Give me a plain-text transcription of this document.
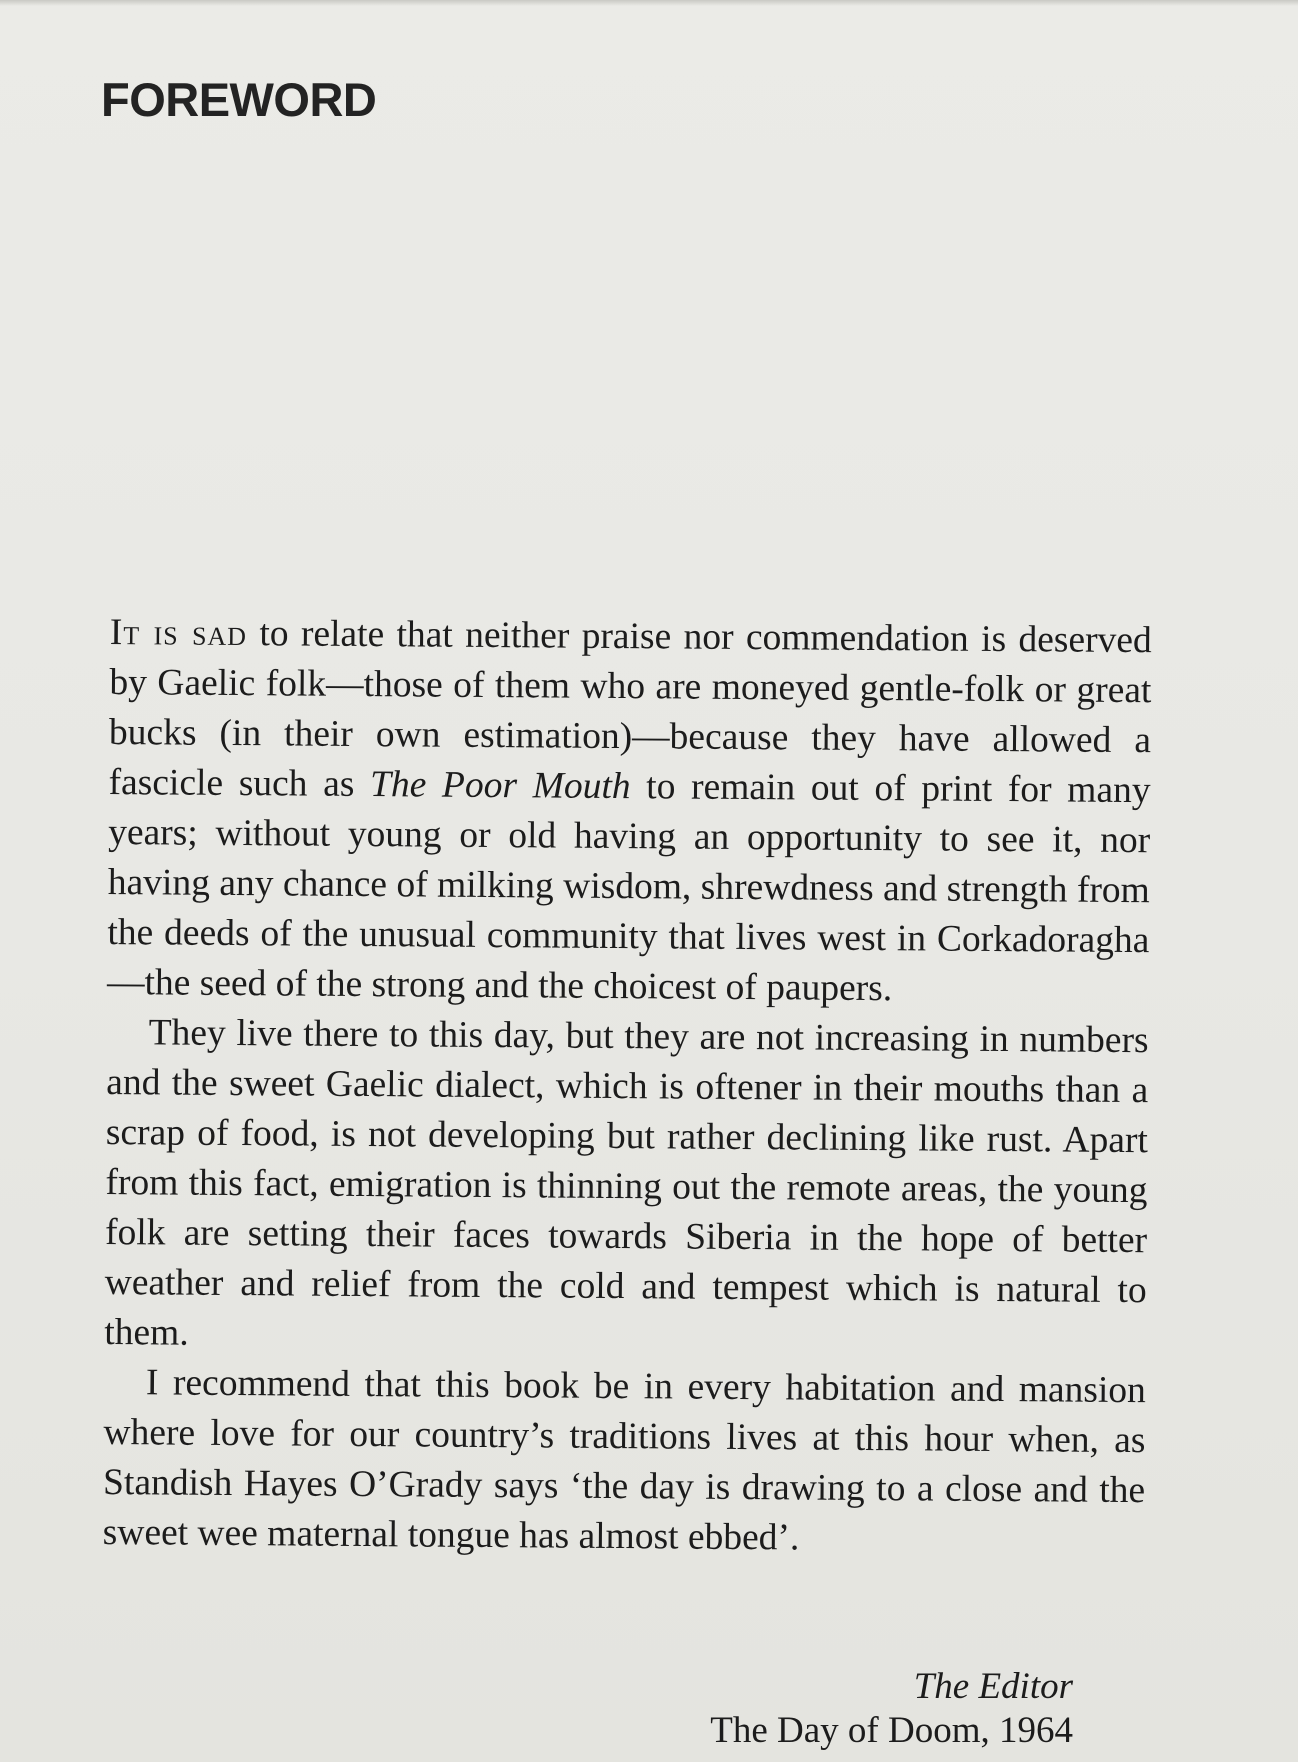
FOREWORD

It is sad to relate that neither praise nor commendation is deserved by Gaelic folk—those of them who are moneyed gentle-folk or great bucks (in their own estimation)—because they have allowed a fascicle such as The Poor Mouth to remain out of print for many years; without young or old having an opportunity to see it, nor having any chance of milking wisdom, shrewdness and strength from the deeds of the unusual community that lives west in Corkadoragha—the seed of the strong and the choicest of paupers.

They live there to this day, but they are not increasing in numbers and the sweet Gaelic dialect, which is oftener in their mouths than a scrap of food, is not developing but rather declining like rust. Apart from this fact, emigration is thinning out the remote areas, the young folk are setting their faces towards Siberia in the hope of better weather and relief from the cold and tempest which is natural to them.

I recommend that this book be in every habitation and mansion where love for our country’s traditions lives at this hour when, as Standish Hayes O’Grady says ‘the day is drawing to a close and the sweet wee maternal tongue has almost ebbed’.

The Editor
The Day of Doom, 1964
